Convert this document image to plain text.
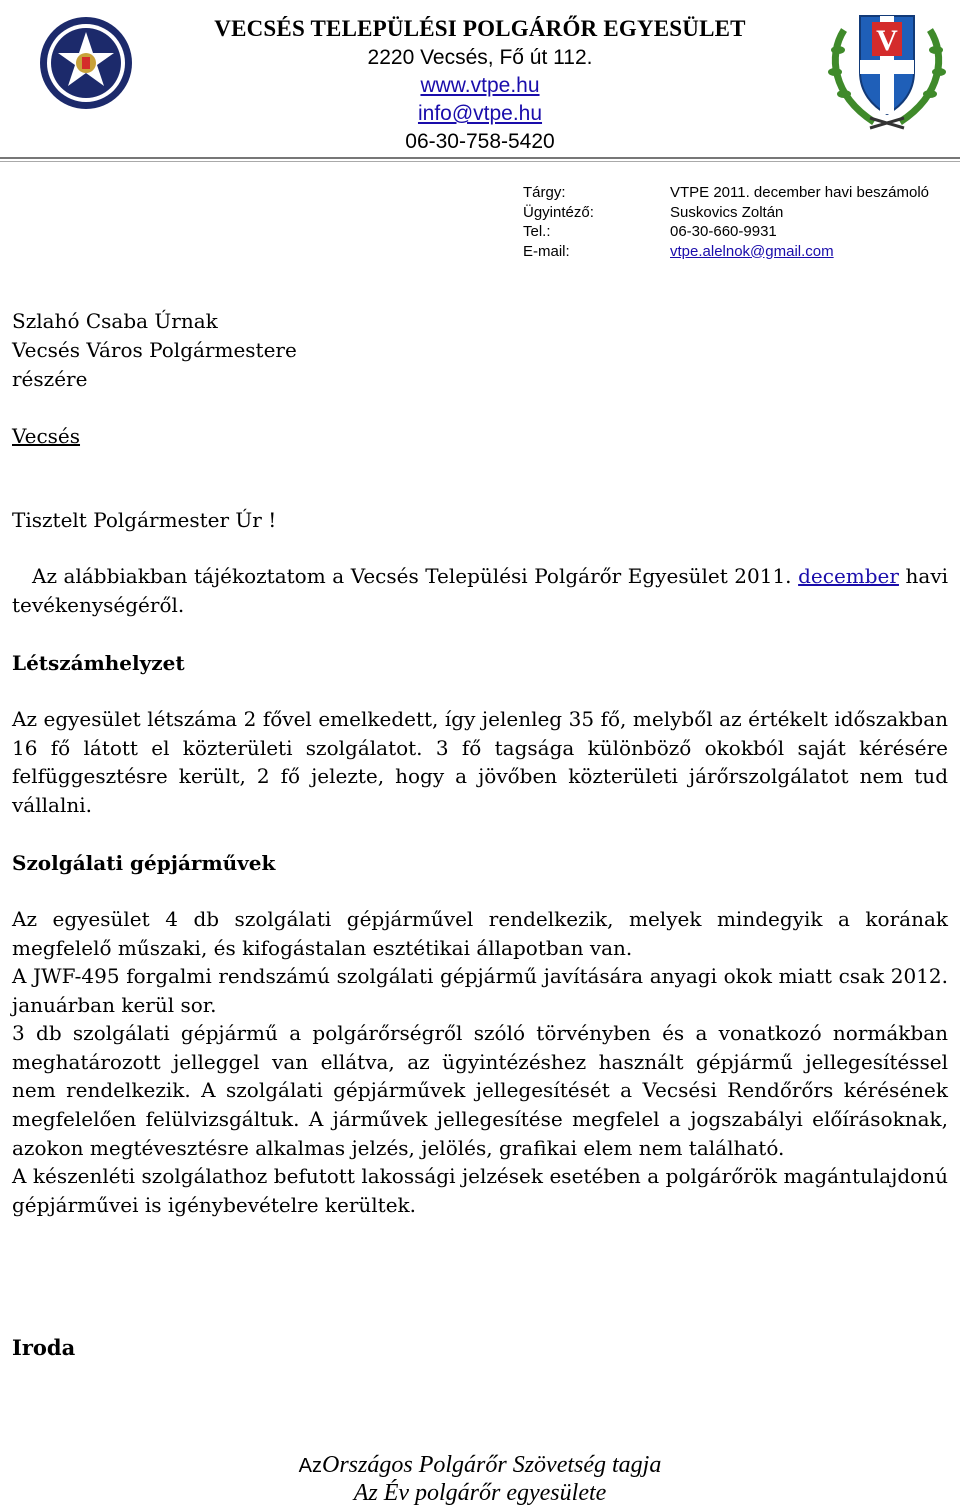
VECSÉS TELEPÜLÉSI POLGÁRŐR EGYESÜLET
2220 Vecsés, Fő út 112.
www.vtpe.hu
info@vtpe.hu
06-30-758-5420
V
Tárgy:	VTPE 2011. december havi beszámoló
Ügyintéző:	Suskovics Zoltán
Tel.:	06-30-660-9931
E-mail:	vtpe.alelnok@gmail.com
Szlahó Csaba Úrnak
Vecsés Város Polgármestere
részére
Vecsés
Tisztelt Polgármester Úr !
Az alábbiakban tájékoztatom a Vecsés Települési Polgárőr Egyesület 2011. december havi tevékenységéről.
Létszámhelyzet
Az egyesület létszáma 2 fővel emelkedett, így jelenleg 35 fő, melyből az értékelt időszakban 16 fő látott el közterületi szolgálatot. 3 fő tagsága különböző okokból saját kérésére felfüggesztésre került, 2 fő jelezte, hogy a jövőben közterületi járőrszolgálatot nem tud vállalni.
Szolgálati gépjárművek
Az egyesület 4 db szolgálati gépjárművel rendelkezik, melyek mindegyik a korának megfelelő műszaki, és kifogástalan esztétikai állapotban van.
A JWF-495 forgalmi rendszámú szolgálati gépjármű javítására anyagi okok miatt csak 2012. januárban kerül sor.
3 db szolgálati gépjármű a polgárőrségről szóló törvényben és a vonatkozó normákban meghatározott jelleggel van ellátva, az ügyintézéshez használt gépjármű jellegesítéssel nem rendelkezik. A szolgálati gépjárművek jellegesítését a Vecsési Rendőrőrs kérésének megfelelően felülvizsgáltuk. A járművek jellegesítése megfelel a jogszabályi előírásoknak, azokon megtévesztésre alkalmas jelzés, jelölés, grafikai elem nem található.
A készenléti szolgálathoz befutott lakossági jelzések esetében a polgárőrök magántulajdonú gépjárművei is igénybevételre kerültek.
Iroda
AzOrszágos Polgárőr Szövetség tagja
Az Év polgárőr egyesülete
